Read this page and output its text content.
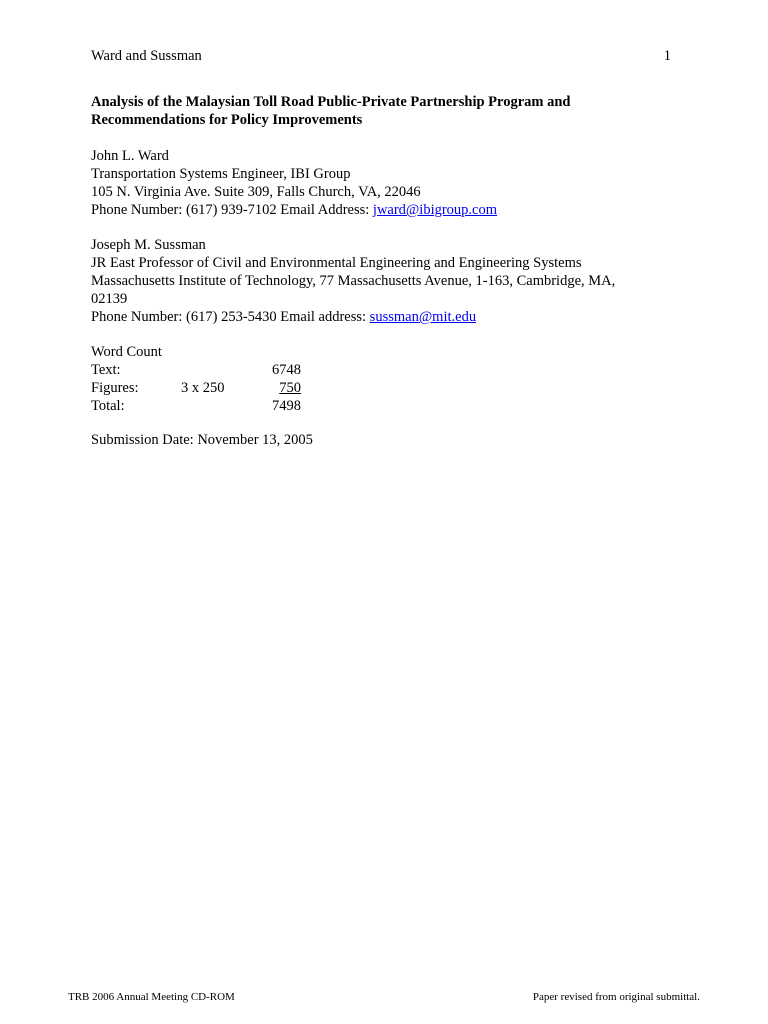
Ward and Sussman	1
Analysis of the Malaysian Toll Road Public-Private Partnership Program and
Recommendations for Policy Improvements
John L. Ward
Transportation Systems Engineer, IBI Group
105 N. Virginia Ave. Suite 309, Falls Church, VA, 22046
Phone Number: (617) 939-7102 Email Address: jward@ibigroup.com
Joseph M. Sussman
JR East Professor of Civil and Environmental Engineering and Engineering Systems
Massachusetts Institute of Technology, 77 Massachusetts Avenue, 1-163, Cambridge, MA,
02139
Phone Number: (617) 253-5430 Email address: sussman@mit.edu
Word Count
Text:	6748
Figures:	3 x 250	750
Total:	7498
Submission Date: November 13, 2005
TRB 2006 Annual Meeting CD-ROM	Paper revised from original submittal.
